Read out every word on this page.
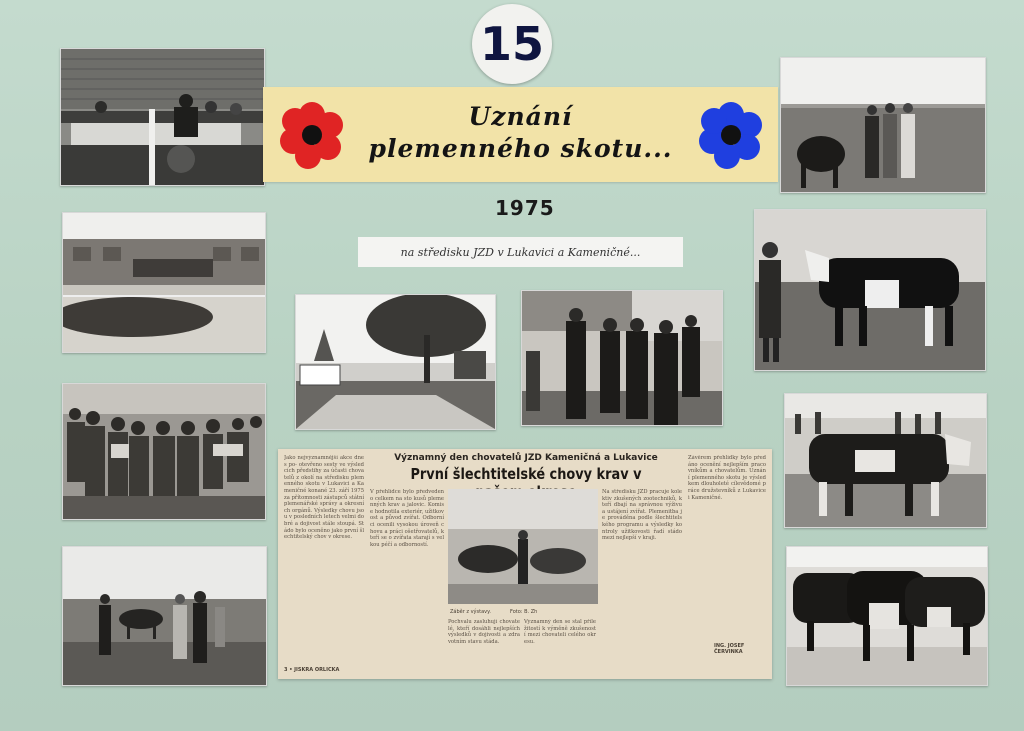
15
Uznání
plemenného skotu...
1975
na středisku JZD v Lukavici a Kameničné...
Jako nejvýznamnější akce dnes po- otevřeno sesty ve výsledcích předstihy za účasti chovatelů z okolí na středisku plemenného skotu v Lukavici a Kameničné konané 23. září 1975 za přítomnosti zástupců státní plemenářské správy a okresních orgánů. Výsledky chovu jsou v posledních letech velmi dobré a dojivost stále stoupá. Stádo bylo oceněno jako první šlechtitelský chov v okrese.
Významný den chovatelů JZD Kameničná a Lukavice
První šlechtitelské chovy krav v
V přehlídce bylo předvedeno celkem na sto kusů plemenných krav a jalovic. Komise hodnotila exteriér, užitkovost a původ zvířat. Odborníci ocenili vysokou úroveň chovu a práci ošetřovatelů, kteří se o zvířata starají s velkou péčí a odborností.
Záběr z výstavy.	Foto: B. Zh
Pochvalu zasluhují chovatelé, kteří dosáhli nejlepších výsledků v dojivosti a zdravotním stavu stáda.
Významný den se stal příležitostí k výměně zkušeností mezi chovateli celého okresu.
Na středisku JZD pracuje kolektiv zkušených zootechniků, kteří dbají na správnou výživu a ustájení zvířat. Plemenitba je prováděna podle šlechtitelského programu a výsledky kontroly užitkovosti řadí stádo mezi nejlepší v kraji.
Závěrem přehlídky bylo předáno ocenění nejlepším pracovníkům a chovatelům. Uznání plemenného skotu je výsledkem dlouholeté cílevědomé práce družstevníků z Lukavice i Kameničné.
ING. JOSEF ČERVINKA
3 • JISKRA ORLICKA
